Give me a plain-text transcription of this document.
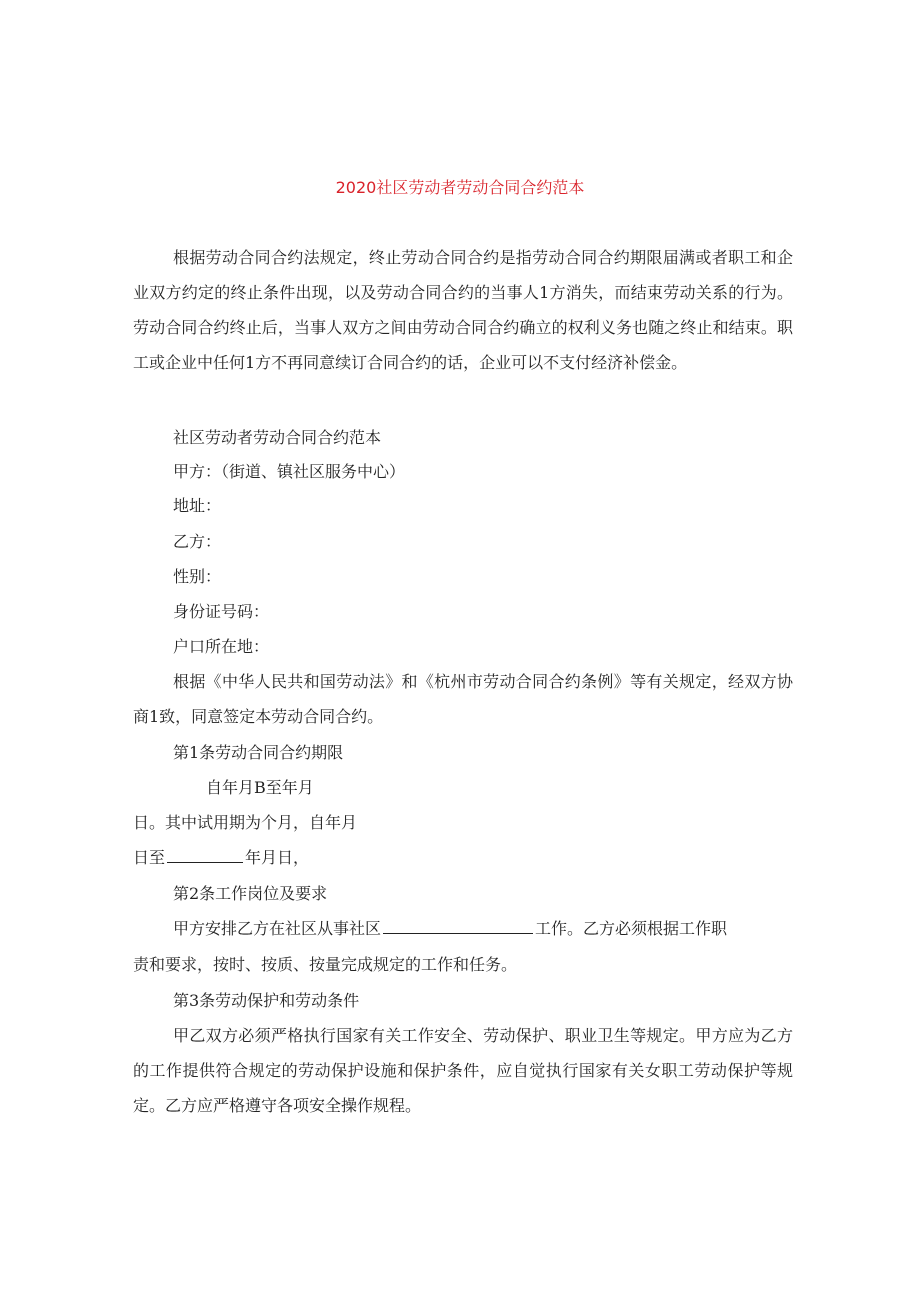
2020社区劳动者劳动合同合约范本

根据劳动合同合约法规定，终止劳动合同合约是指劳动合同合约期限届满或者职工和企业双方约定的终止条件出现，以及劳动合同合约的当事人1方消失，而结束劳动关系的行为。劳动合同合约终止后，当事人双方之间由劳动合同合约确立的权利义务也随之终止和结束。职工或企业中任何1方不再同意续订合同合约的话，企业可以不支付经济补偿金。

社区劳动者劳动合同合约范本

甲方：（街道、镇社区服务中心）

地址：

乙方：

性别：

身份证号码：

户口所在地：

根据《中华人民共和国劳动法》和《杭州市劳动合同合约条例》等有关规定，经双方协商1致，同意签定本劳动合同合约。

第1条劳动合同合约期限

自年月B至年月

日。其中试用期为个月，自年月

日至	年月日，

第2条工作岗位及要求

甲方安排乙方在社区从事社区	工作。乙方必须根据工作职

责和要求，按时、按质、按量完成规定的工作和任务。

第3条劳动保护和劳动条件

甲乙双方必须严格执行国家有关工作安全、劳动保护、职业卫生等规定。甲方应为乙方的工作提供符合规定的劳动保护设施和保护条件，应自觉执行国家有关女职工劳动保护等规定。乙方应严格遵守各项安全操作规程。
